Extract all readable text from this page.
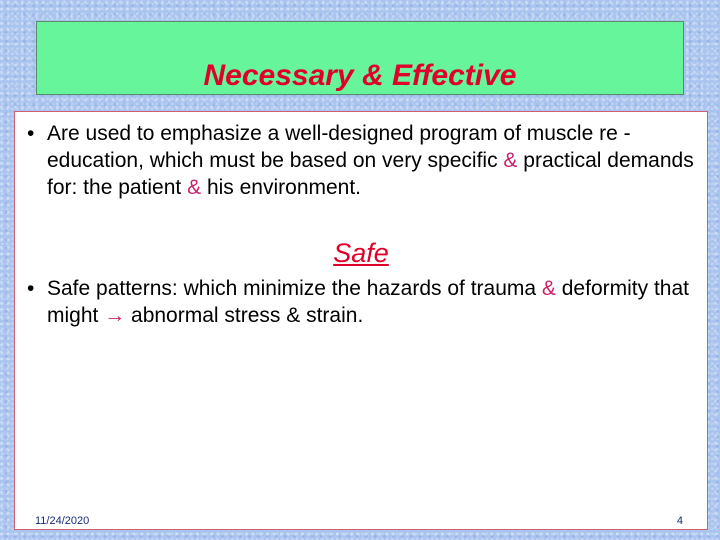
Necessary & Effective
• Are used to emphasize a well-designed program of muscle re -education, which must be based on very specific & practical demands for: the patient & his environment.
Safe
• Safe patterns: which minimize the hazards of trauma & deformity that might → abnormal stress & strain.
11/24/2020	4
